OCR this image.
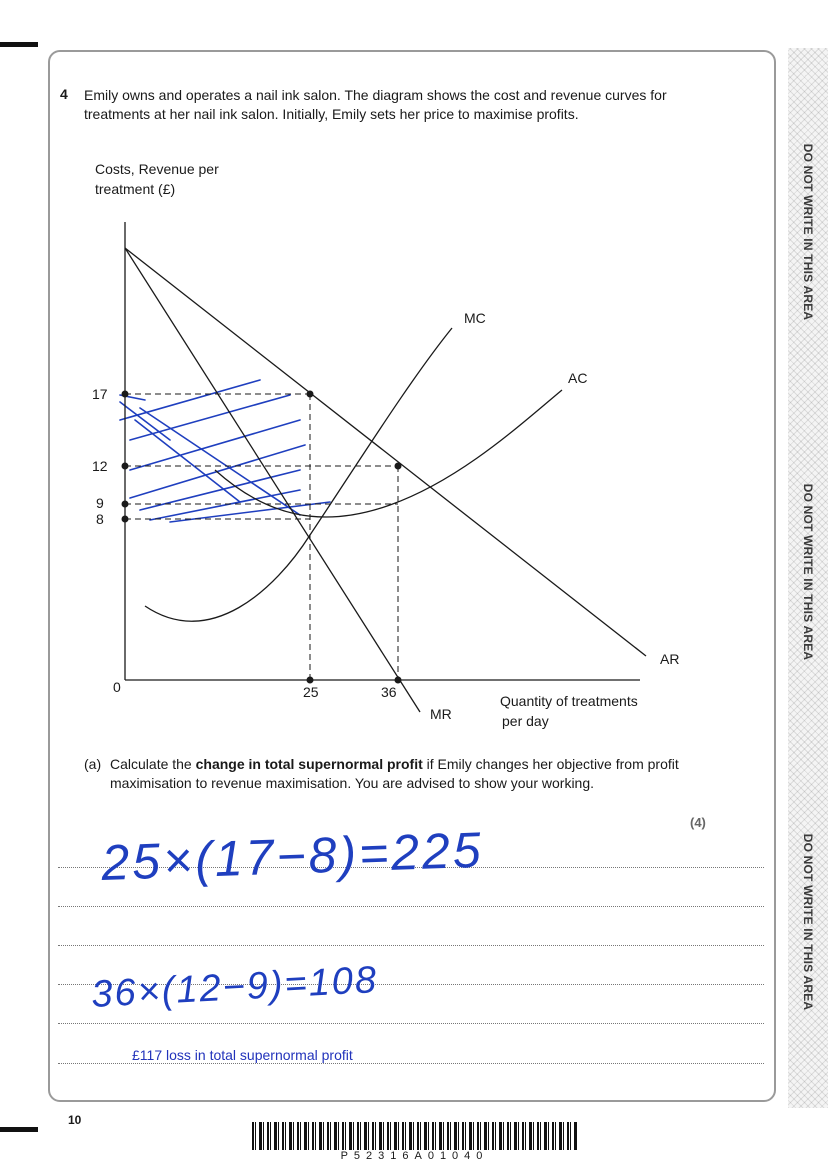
DO NOT WRITE IN THIS AREA
DO NOT WRITE IN THIS AREA
DO NOT WRITE IN THIS AREA
4 Emily owns and operates a nail ink salon. The diagram shows the cost and revenue curves for treatments at her nail ink salon. Initially, Emily sets her price to maximise profits.
Costs, Revenue per treatment (£)
17
12
9
8
0	25	36
MC
AC
AR
MR
Quantity of treatments
per day
(a) Calculate the change in total supernormal profit if Emily changes her objective from profit maximisation to revenue maximisation. You are advised to show your working.
(4)
25×(17−8)=225
36×(12−9)=108
£117 loss in total supernormal profit
10
P52316A01040
